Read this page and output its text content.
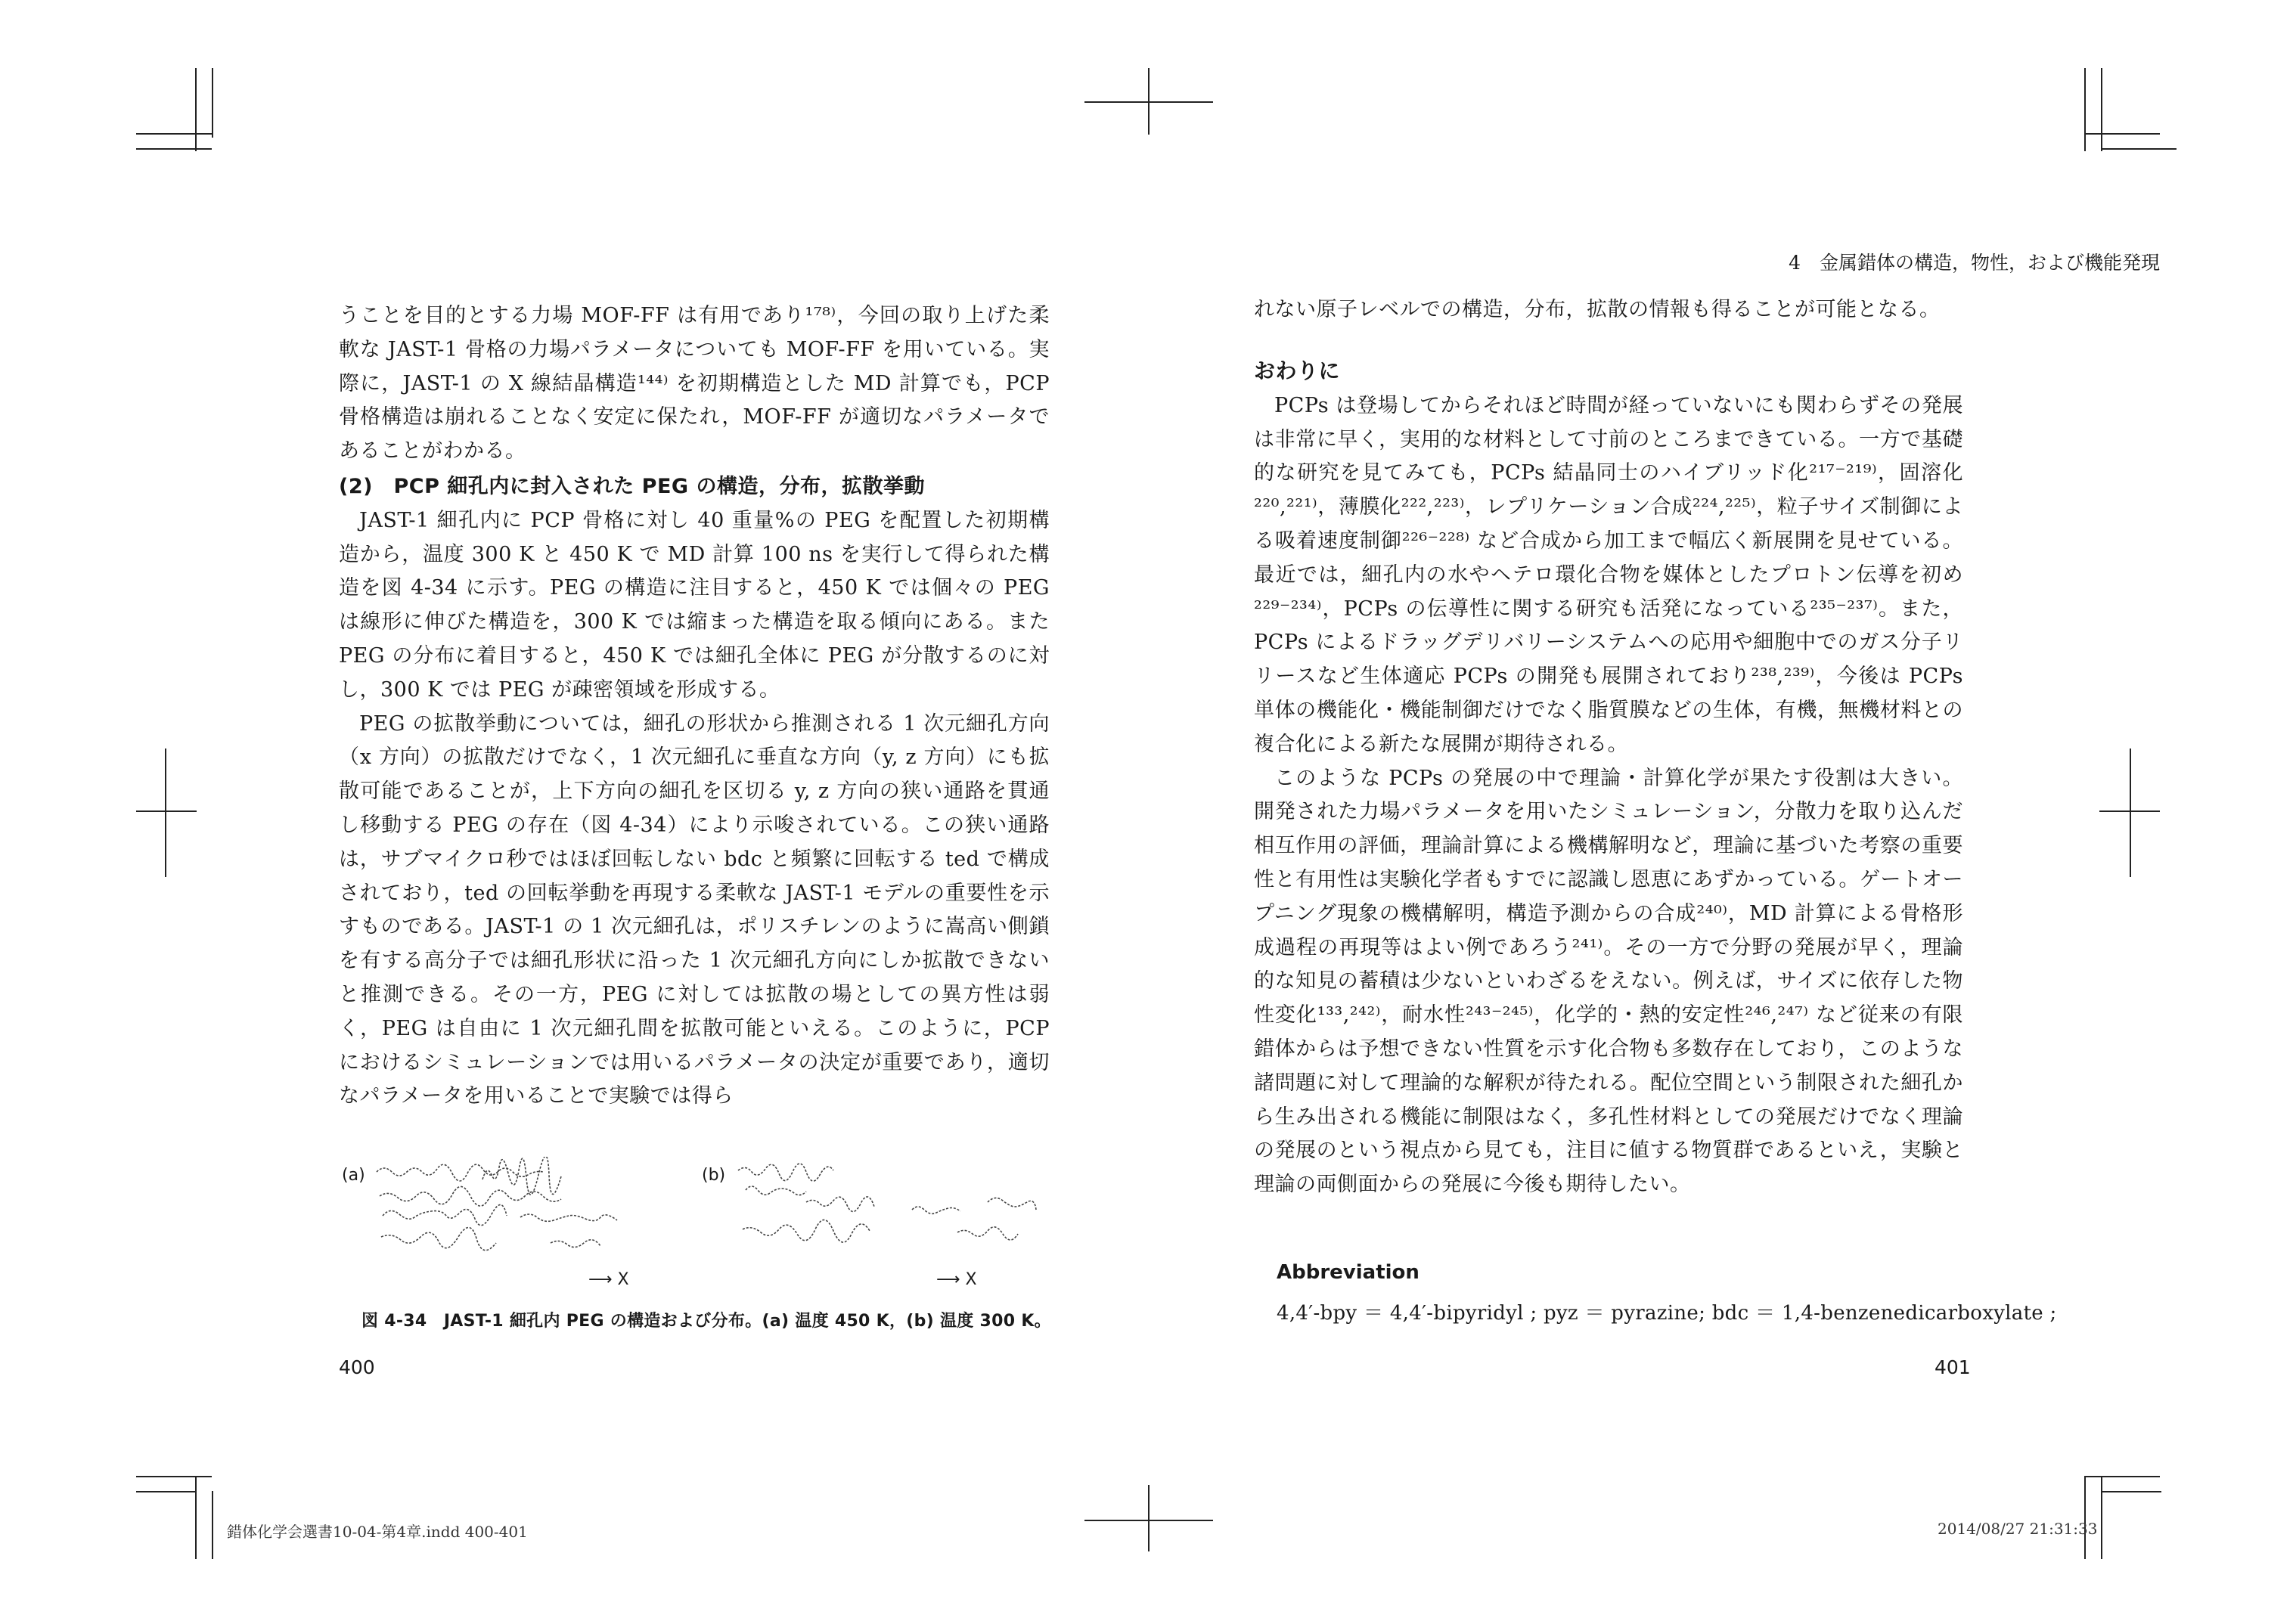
うことを目的とする力場 MOF-FF は有用であり¹⁷⁸⁾，今回の取り上げた柔軟な JAST-1 骨格の力場パラメータについても MOF-FF を用いている。実際に，JAST-1 の X 線結晶構造¹⁴⁴⁾ を初期構造とした MD 計算でも，PCP 骨格構造は崩れることなく安定に保たれ，MOF-FF が適切なパラメータであることがわかる。

(2)　PCP 細孔内に封入された PEG の構造，分布，拡散挙動

JAST-1 細孔内に PCP 骨格に対し 40 重量%の PEG を配置した初期構造から，温度 300 K と 450 K で MD 計算 100 ns を実行して得られた構造を図 4-34 に示す。PEG の構造に注目すると，450 K では個々の PEG は線形に伸びた構造を，300 K では縮まった構造を取る傾向にある。また PEG の分布に着目すると，450 K では細孔全体に PEG が分散するのに対し，300 K では PEG が疎密領域を形成する。

PEG の拡散挙動については，細孔の形状から推測される 1 次元細孔方向（x 方向）の拡散だけでなく，1 次元細孔に垂直な方向（y, z 方向）にも拡散可能であることが，上下方向の細孔を区切る y, z 方向の狭い通路を貫通し移動する PEG の存在（図 4-34）により示唆されている。この狭い通路は，サブマイクロ秒ではほぼ回転しない bdc と頻繁に回転する ted で構成されており，ted の回転挙動を再現する柔軟な JAST-1 モデルの重要性を示すものである。JAST-1 の 1 次元細孔は，ポリスチレンのように嵩高い側鎖を有する高分子では細孔形状に沿った 1 次元細孔方向にしか拡散できないと推測できる。その一方，PEG に対しては拡散の場としての異方性は弱く，PEG は自由に 1 次元細孔間を拡散可能といえる。このように，PCP におけるシミュレーションでは用いるパラメータの決定が重要であり，適切なパラメータを用いることで実験では得ら

(a)	(b)
⟶ X	⟶ X
図 4-34　JAST-1 細孔内 PEG の構造および分布。(a) 温度 450 K，(b) 温度 300 K。
400
錯体化学会選書10-04-第4章.indd 400-401
4　金属錯体の構造，物性，および機能発現

れない原子レベルでの構造，分布，拡散の情報も得ることが可能となる。

おわりに

PCPs は登場してからそれほど時間が経っていないにも関わらずその発展は非常に早く，実用的な材料として寸前のところまできている。一方で基礎的な研究を見てみても，PCPs 結晶同士のハイブリッド化²¹⁷⁻²¹⁹⁾，固溶化²²⁰,²²¹⁾，薄膜化²²²,²²³⁾，レプリケーション合成²²⁴,²²⁵⁾，粒子サイズ制御による吸着速度制御²²⁶⁻²²⁸⁾ など合成から加工まで幅広く新展開を見せている。最近では，細孔内の水やヘテロ環化合物を媒体としたプロトン伝導を初め²²⁹⁻²³⁴⁾，PCPs の伝導性に関する研究も活発になっている²³⁵⁻²³⁷⁾。また，PCPs によるドラッグデリバリーシステムへの応用や細胞中でのガス分子リリースなど生体適応 PCPs の開発も展開されており²³⁸,²³⁹⁾，今後は PCPs 単体の機能化・機能制御だけでなく脂質膜などの生体，有機，無機材料との複合化による新たな展開が期待される。

このような PCPs の発展の中で理論・計算化学が果たす役割は大きい。開発された力場パラメータを用いたシミュレーション，分散力を取り込んだ相互作用の評価，理論計算による機構解明など，理論に基づいた考察の重要性と有用性は実験化学者もすでに認識し恩恵にあずかっている。ゲートオープニング現象の機構解明，構造予測からの合成²⁴⁰⁾，MD 計算による骨格形成過程の再現等はよい例であろう²⁴¹⁾。その一方で分野の発展が早く，理論的な知見の蓄積は少ないといわざるをえない。例えば，サイズに依存した物性変化¹³³,²⁴²⁾，耐水性²⁴³⁻²⁴⁵⁾，化学的・熱的安定性²⁴⁶,²⁴⁷⁾ など従来の有限錯体からは予想できない性質を示す化合物も多数存在しており，このような諸問題に対して理論的な解釈が待たれる。配位空間という制限された細孔から生み出される機能に制限はなく，多孔性材料としての発展だけでなく理論の発展のという視点から見ても，注目に値する物質群であるといえ，実験と理論の両側面からの発展に今後も期待したい。

Abbreviation
4,4′-bpy ＝ 4,4′-bipyridyl ; pyz ＝ pyrazine; bdc ＝ 1,4-benzenedicarboxylate ;
401
2014/08/27 21:31:33
